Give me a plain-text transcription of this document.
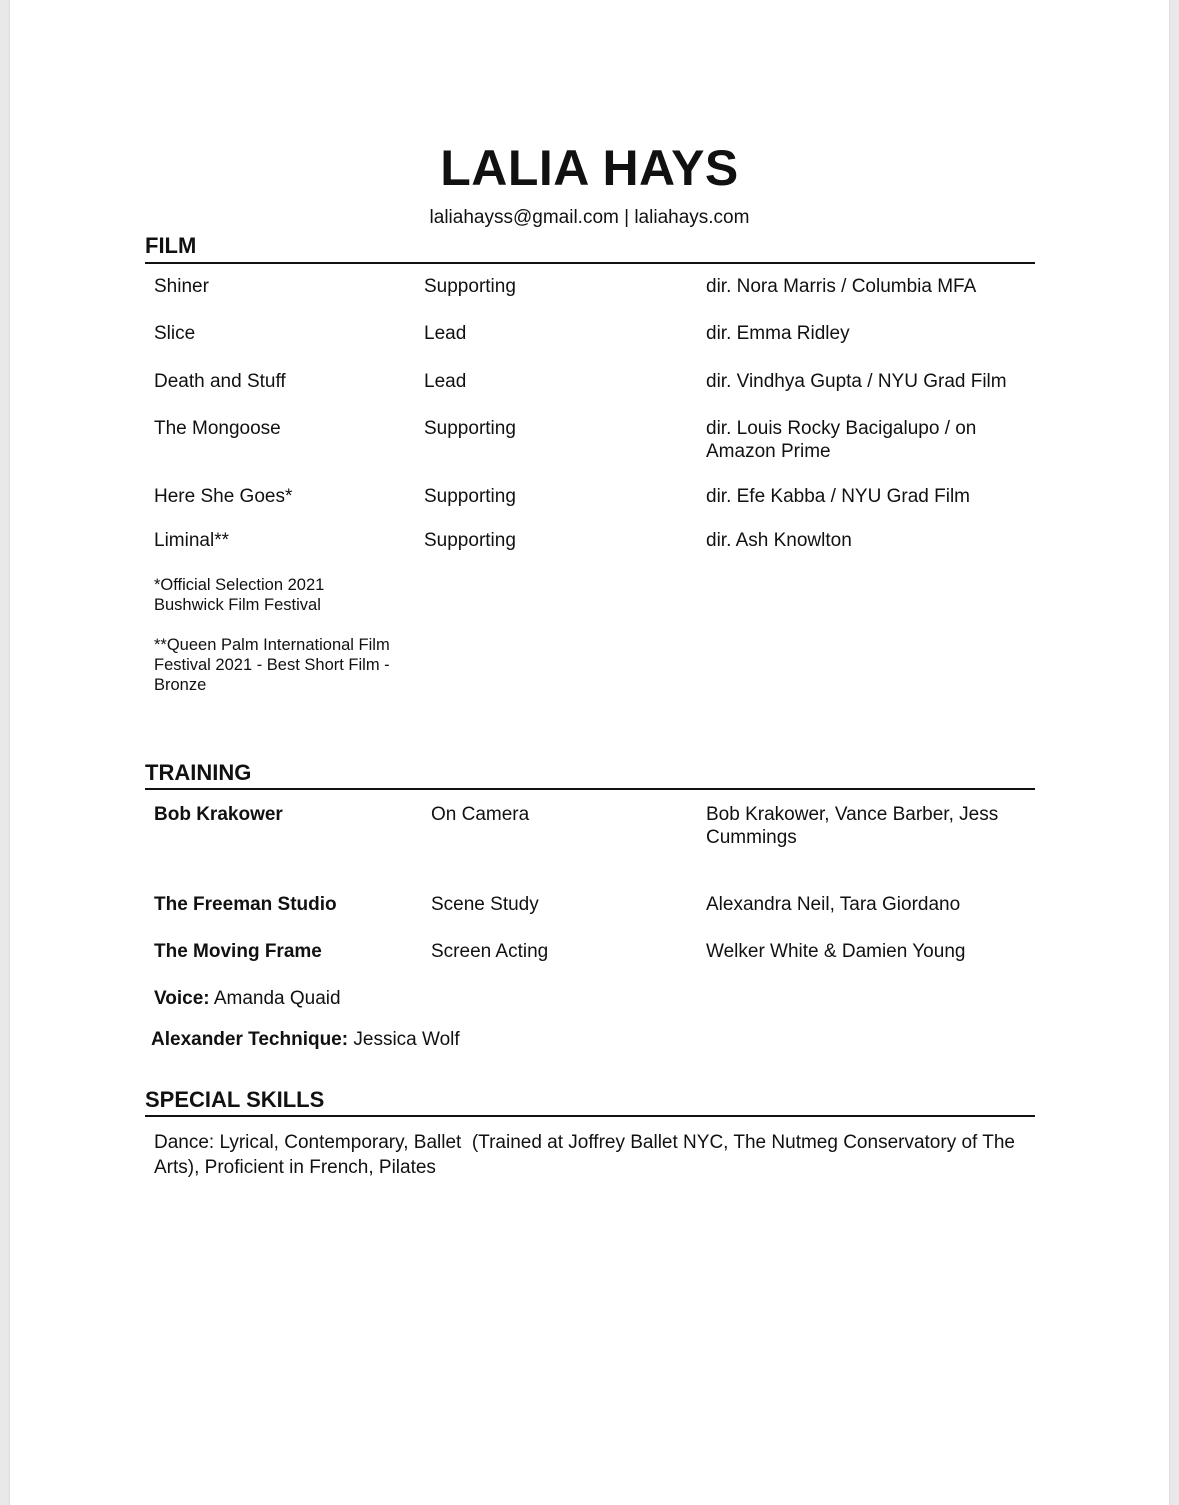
LALIA HAYS
laliahayss@gmail.com | laliahays.com
FILM
Shiner	Supporting	dir. Nora Marris / Columbia MFA
Slice	Lead	dir. Emma Ridley
Death and Stuff	Lead	dir. Vindhya Gupta / NYU Grad Film
The Mongoose	Supporting	dir. Louis Rocky Bacigalupo / on Amazon Prime
Here She Goes*	Supporting	dir. Efe Kabba / NYU Grad Film
Liminal**	Supporting	dir. Ash Knowlton
*Official Selection 2021 Bushwick Film Festival
**Queen Palm International Film Festival 2021 - Best Short Film - Bronze
TRAINING
Bob Krakower	On Camera	Bob Krakower, Vance Barber, Jess Cummings
The Freeman Studio	Scene Study	Alexandra Neil, Tara Giordano
The Moving Frame	Screen Acting	Welker White & Damien Young
Voice: Amanda Quaid
Alexander Technique: Jessica Wolf
SPECIAL SKILLS
Dance: Lyrical, Contemporary, Ballet  (Trained at Joffrey Ballet NYC, The Nutmeg Conservatory of The Arts), Proficient in French, Pilates
